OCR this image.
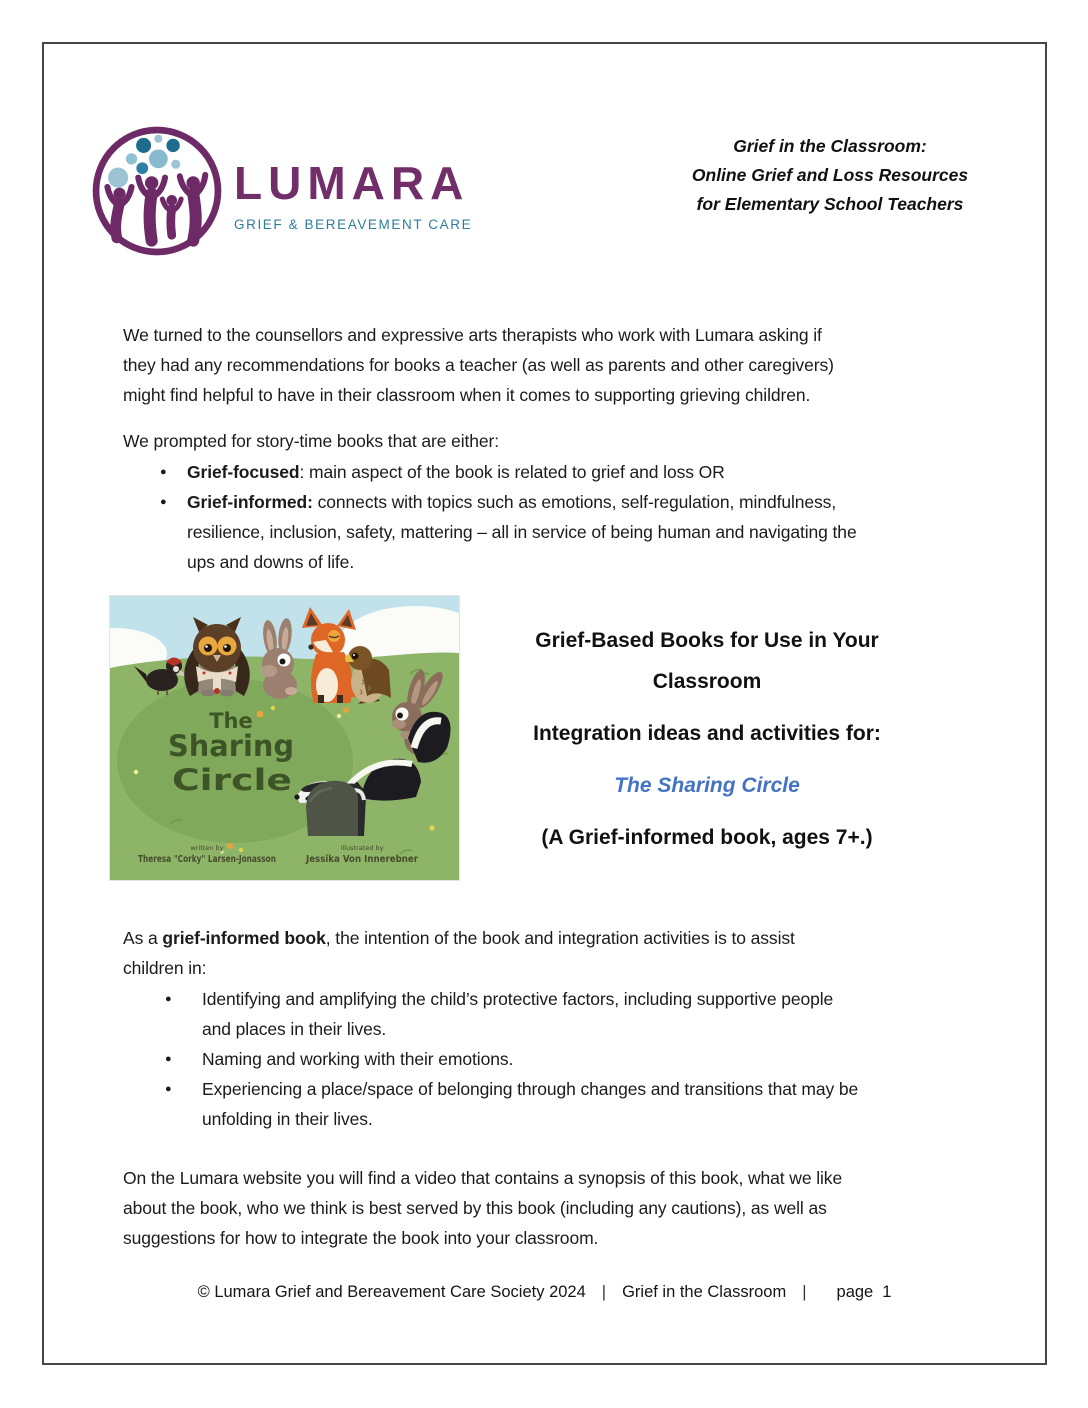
LUMARA
GRIEF & BEREAVEMENT CARE
Grief in the Classroom:
Online Grief and Loss Resources
for Elementary School Teachers
We turned to the counsellors and expressive arts therapists who work with Lumara asking if
they had any recommendations for books a teacher (as well as parents and other caregivers)
might find helpful to have in their classroom when it comes to supporting grieving children.
We prompted for story-time books that are either:
●	Grief-focused: main aspect of the book is related to grief and loss OR
●	Grief-informed: connects with topics such as emotions, self-regulation, mindfulness,
resilience, inclusion, safety, mattering – all in service of being human and navigating the
ups and downs of life.
The
Sharing
Circle
written by
Theresa "Corky" Larsen-Jonasson
illustrated by
Jessika Von Innerebner
Grief-Based Books for Use in Your
Classroom
Integration ideas and activities for:
The Sharing Circle
(A Grief-informed book, ages 7+.)
As a grief-informed book, the intention of the book and integration activities is to assist
children in:
●	Identifying and amplifying the child’s protective factors, including supportive people
and places in their lives.
●	Naming and working with their emotions.
●	Experiencing a place/space of belonging through changes and transitions that may be
unfolding in their lives.
On the Lumara website you will find a video that contains a synopsis of this book, what we like
about the book, who we think is best served by this book (including any cautions), as well as
suggestions for how to integrate the book into your classroom.
© Lumara Grief and Bereavement Care Society 2024 | Grief in the Classroom | page 1
